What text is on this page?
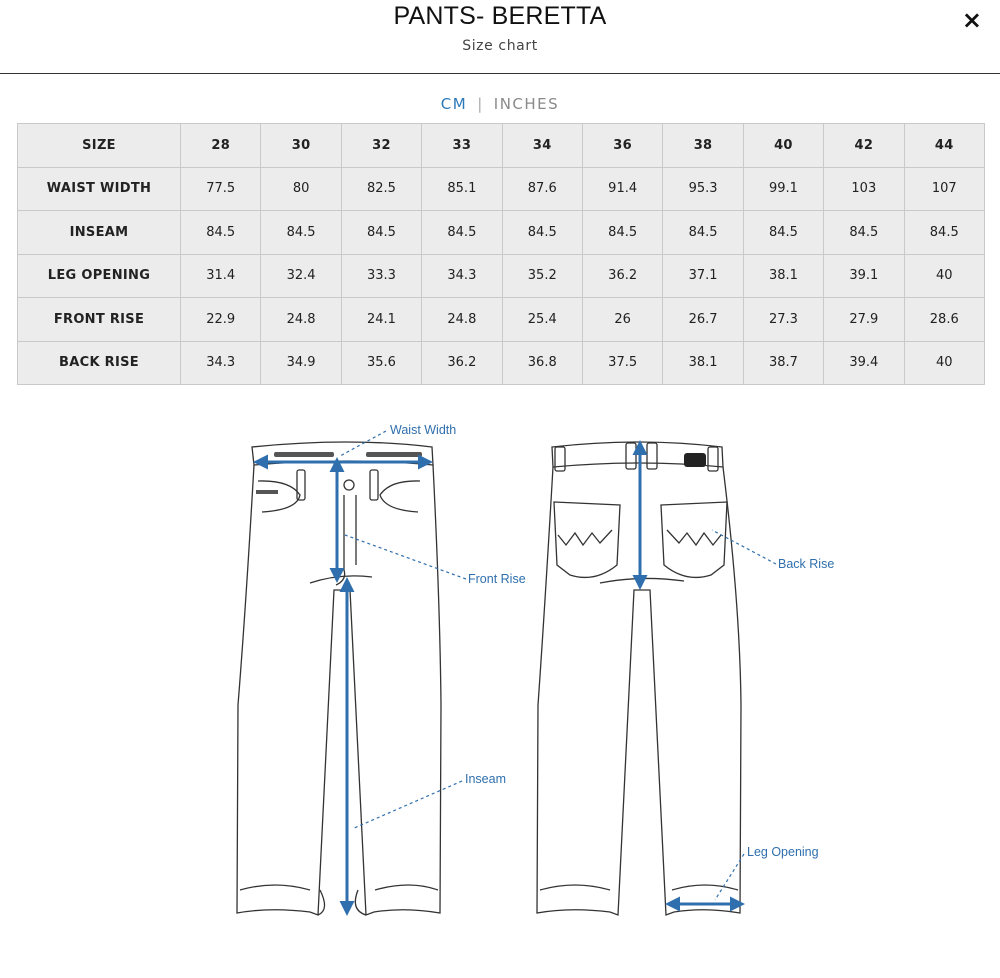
PANTS- BERETTA
Size chart
×
CM | INCHES
SIZE	28	30	32	33	34	36	38	40	42	44
WAIST WIDTH	77.5	80	82.5	85.1	87.6	91.4	95.3	99.1	103	107
INSEAM	84.5	84.5	84.5	84.5	84.5	84.5	84.5	84.5	84.5	84.5
LEG OPENING	31.4	32.4	33.3	34.3	35.2	36.2	37.1	38.1	39.1	40
FRONT RISE	22.9	24.8	24.1	24.8	25.4	26	26.7	27.3	27.9	28.6
BACK RISE	34.3	34.9	35.6	36.2	36.8	37.5	38.1	38.7	39.4	40
Waist Width
Front Rise
Back Rise
Inseam
Leg Opening
